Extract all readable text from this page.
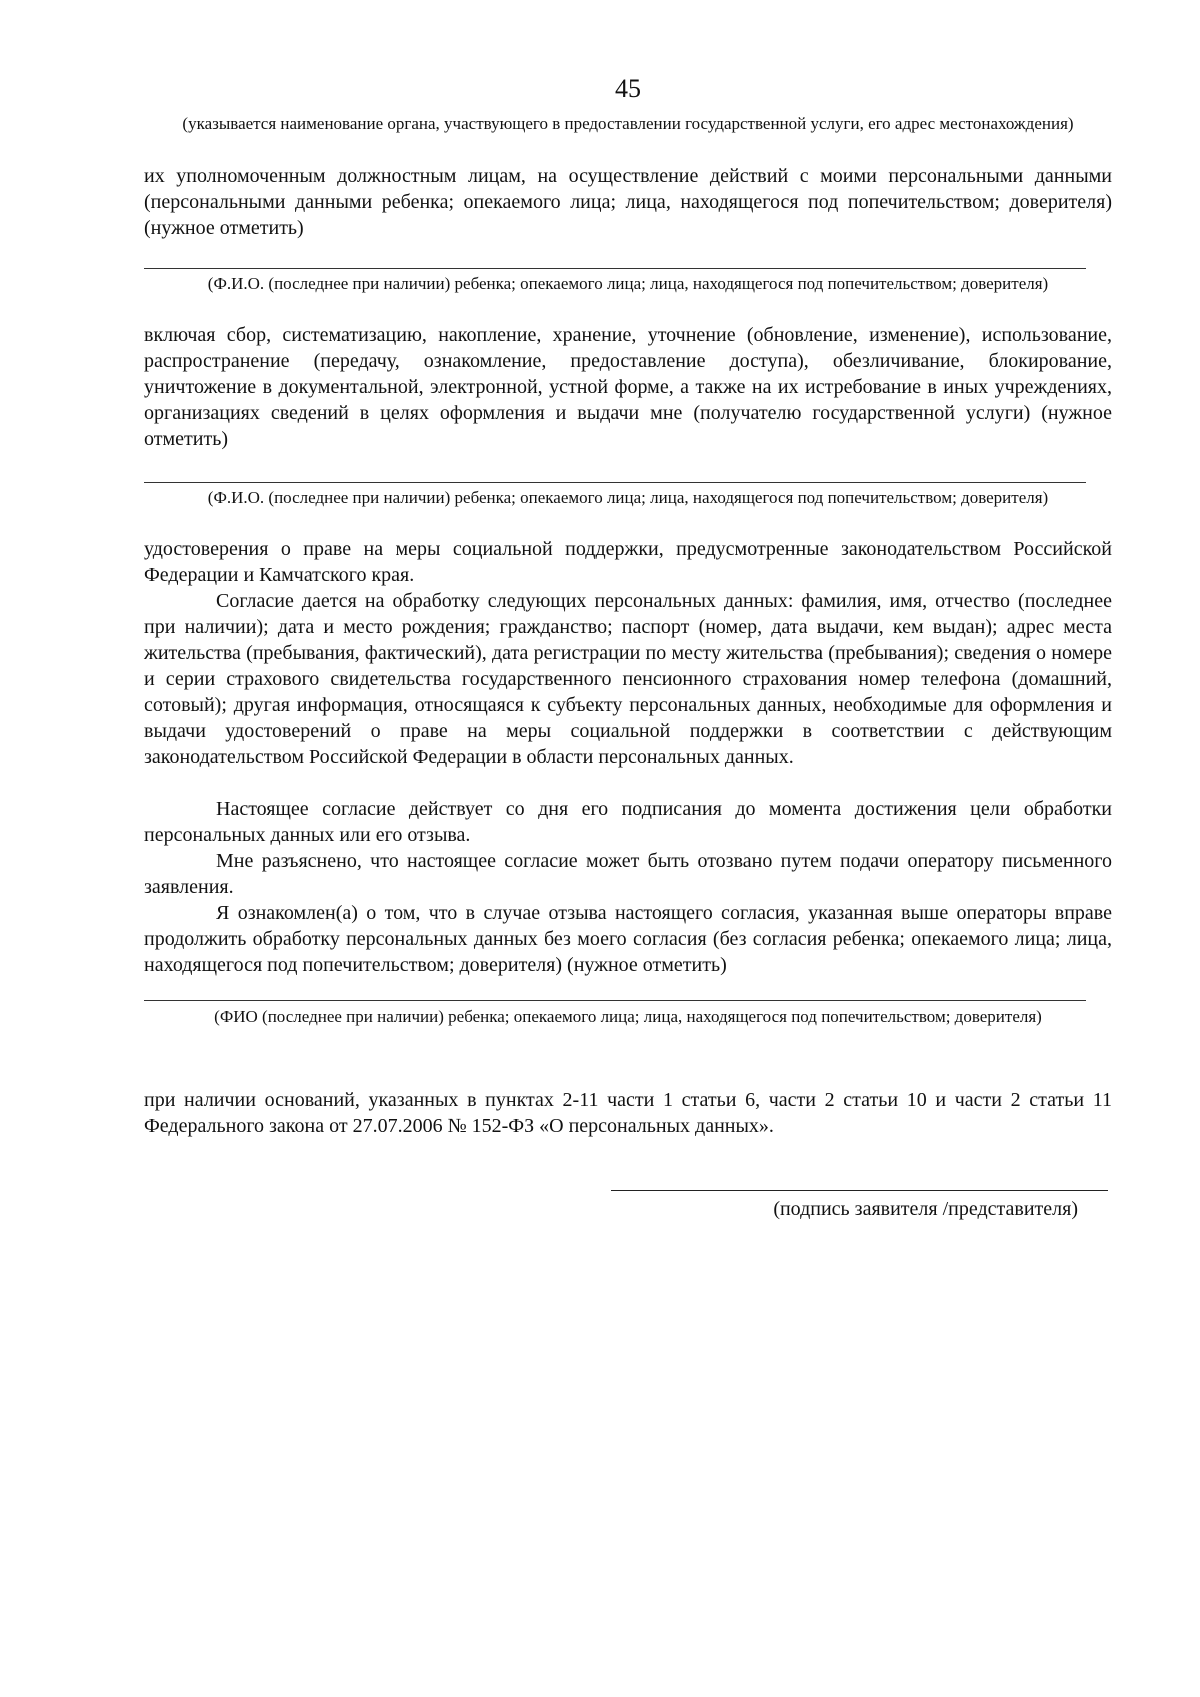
45
(указывается наименование органа, участвующего в предоставлении государственной услуги, его адрес местонахождения)
их уполномоченным должностным лицам, на осуществление действий с моими персональными данными (персональными данными ребенка; опекаемого лица; лица, находящегося под попечительством; доверителя) (нужное отметить)
(Ф.И.О. (последнее при наличии) ребенка; опекаемого лица; лица, находящегося под попечительством; доверителя)
включая сбор, систематизацию, накопление, хранение, уточнение (обновление, изменение), использование, распространение (передачу, ознакомление, предоставление доступа), обезличивание, блокирование, уничтожение в документальной, электронной, устной форме, а также на их истребование в иных учреждениях, организациях сведений в целях оформления и выдачи мне (получателю государственной услуги) (нужное отметить)
(Ф.И.О. (последнее при наличии) ребенка; опекаемого лица; лица, находящегося под попечительством; доверителя)
удостоверения о праве на меры социальной поддержки, предусмотренные законодательством Российской Федерации и Камчатского края.
Согласие дается на обработку следующих персональных данных: фамилия, имя, отчество (последнее при наличии); дата и место рождения; гражданство; паспорт (номер, дата выдачи, кем выдан); адрес места жительства (пребывания, фактический), дата регистрации по месту жительства (пребывания); сведения о номере и серии страхового свидетельства государственного пенсионного страхования номер телефона (домашний, сотовый); другая информация, относящаяся к субъекту персональных данных, необходимые для оформления и выдачи удостоверений о праве на меры социальной поддержки в соответствии с действующим законодательством Российской Федерации в области персональных данных.
Настоящее согласие действует со дня его подписания до момента достижения цели обработки персональных данных или его отзыва.
Мне разъяснено, что настоящее согласие может быть отозвано путем подачи оператору письменного заявления.
Я ознакомлен(а) о том, что в случае отзыва настоящего согласия, указанная выше операторы вправе продолжить обработку персональных данных без моего согласия (без согласия ребенка; опекаемого лица; лица, находящегося под попечительством; доверителя) (нужное отметить)
(ФИО (последнее при наличии) ребенка; опекаемого лица; лица, находящегося под попечительством; доверителя)
при наличии оснований, указанных в пунктах 2-11 части 1 статьи 6, части 2 статьи 10 и части 2 статьи 11 Федерального закона от 27.07.2006 № 152-ФЗ «О персональных данных».
(подпись заявителя /представителя)
